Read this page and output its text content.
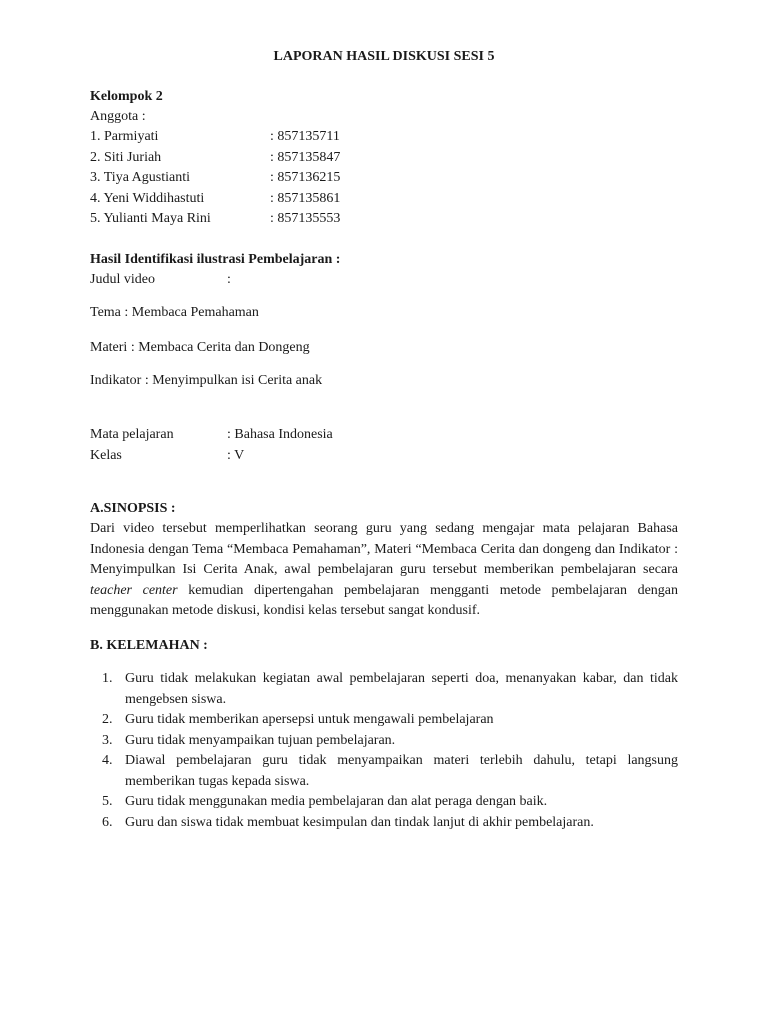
LAPORAN HASIL DISKUSI SESI 5
Kelompok 2
Anggota :
1. Parmiyati	: 857135711
2. Siti Juriah	: 857135847
3. Tiya Agustianti	: 857136215
4. Yeni Widdihastuti	: 857135861
5. Yulianti Maya Rini	: 857135553
Hasil Identifikasi ilustrasi Pembelajaran :
Judul video	:
Tema : Membaca Pemahaman
Materi : Membaca Cerita dan Dongeng
Indikator : Menyimpulkan isi Cerita anak
Mata pelajaran	: Bahasa Indonesia
Kelas	: V
A.SINOPSIS :
Dari video tersebut memperlihatkan seorang guru yang sedang mengajar mata pelajaran Bahasa Indonesia dengan Tema “Membaca Pemahaman”, Materi “Membaca Cerita dan dongeng dan Indikator : Menyimpulkan Isi Cerita Anak, awal pembelajaran guru tersebut memberikan pembelajaran secara teacher center kemudian dipertengahan pembelajaran mengganti metode pembelajaran dengan menggunakan metode diskusi, kondisi kelas tersebut sangat kondusif.
B. KELEMAHAN :
1. Guru tidak melakukan kegiatan awal pembelajaran seperti doa, menanyakan kabar, dan tidak mengebsen siswa.
2. Guru tidak memberikan apersepsi untuk mengawali pembelajaran
3. Guru tidak menyampaikan tujuan pembelajaran.
4. Diawal pembelajaran guru tidak menyampaikan materi terlebih dahulu, tetapi langsung memberikan tugas kepada siswa.
5. Guru tidak menggunakan media pembelajaran dan alat peraga dengan baik.
6. Guru dan siswa tidak membuat kesimpulan dan tindak lanjut di akhir pembelajaran.
